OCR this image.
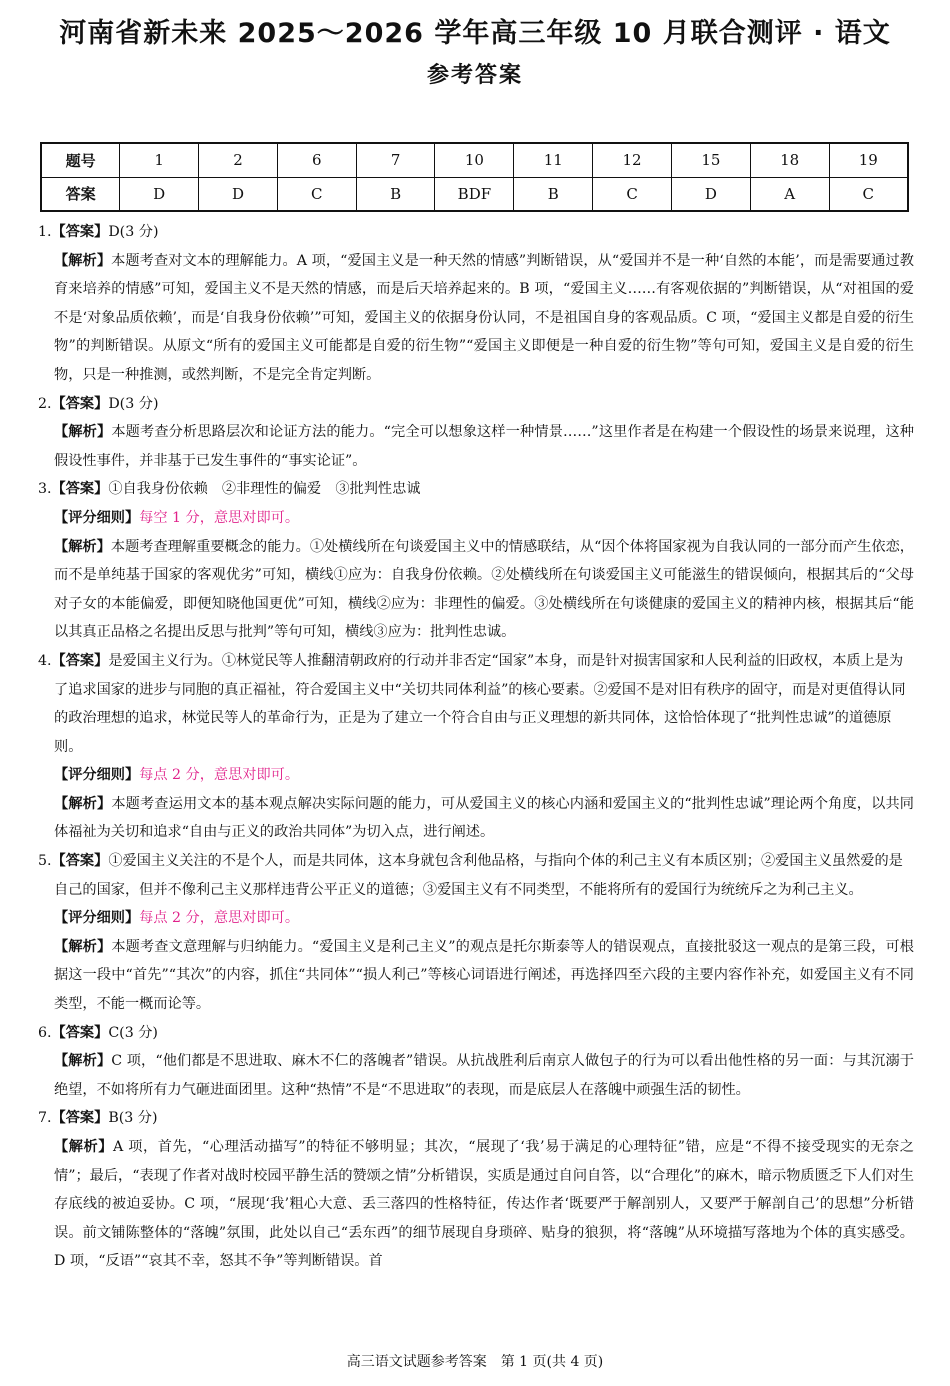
河南省新未来 2025～2026 学年高三年级 10 月联合测评 · 语文
参考答案
题号	1	2	6	7	10	11	12	15	18	19
答案	D	D	C	B	BDF	B	C	D	A	C
1.【答案】D(3 分)
【解析】本题考查对文本的理解能力。A 项，“爱国主义是一种天然的情感”判断错误，从“爱国并不是一种‘自然的本能’，而是需要通过教育来培养的情感”可知，爱国主义不是天然的情感，而是后天培养起来的。B 项，“爱国主义……有客观依据的”判断错误，从“对祖国的爱不是‘对象品质依赖’，而是‘自我身份依赖’”可知，爱国主义的依据身份认同，不是祖国自身的客观品质。C 项，“爱国主义都是自爱的衍生物”的判断错误。从原文“所有的爱国主义可能都是自爱的衍生物”“爱国主义即便是一种自爱的衍生物”等句可知，爱国主义是自爱的衍生物，只是一种推测，或然判断，不是完全肯定判断。
2.【答案】D(3 分)
【解析】本题考查分析思路层次和论证方法的能力。“完全可以想象这样一种情景……”这里作者是在构建一个假设性的场景来说理，这种假设性事件，并非基于已发生事件的“事实论证”。
3.【答案】①自我身份依赖　②非理性的偏爱　③批判性忠诚
【评分细则】每空 1 分，意思对即可。
【解析】本题考查理解重要概念的能力。①处横线所在句谈爱国主义中的情感联结，从“因个体将国家视为自我认同的一部分而产生依恋，而不是单纯基于国家的客观优劣”可知，横线①应为：自我身份依赖。②处横线所在句谈爱国主义可能滋生的错误倾向，根据其后的“父母对子女的本能偏爱，即便知晓他国更优”可知，横线②应为：非理性的偏爱。③处横线所在句谈健康的爱国主义的精神内核，根据其后“能以其真正品格之名提出反思与批判”等句可知，横线③应为：批判性忠诚。
4.【答案】是爱国主义行为。①林觉民等人推翻清朝政府的行动并非否定“国家”本身，而是针对损害国家和人民利益的旧政权，本质上是为了追求国家的进步与同胞的真正福祉，符合爱国主义中“关切共同体利益”的核心要素。②爱国不是对旧有秩序的固守，而是对更值得认同的政治理想的追求，林觉民等人的革命行为，正是为了建立一个符合自由与正义理想的新共同体，这恰恰体现了“批判性忠诚”的道德原则。
【评分细则】每点 2 分，意思对即可。
【解析】本题考查运用文本的基本观点解决实际问题的能力，可从爱国主义的核心内涵和爱国主义的“批判性忠诚”理论两个角度，以共同体福祉为关切和追求“自由与正义的政治共同体”为切入点，进行阐述。
5.【答案】①爱国主义关注的不是个人，而是共同体，这本身就包含利他品格，与指向个体的利己主义有本质区别；②爱国主义虽然爱的是自己的国家，但并不像利己主义那样违背公平正义的道德；③爱国主义有不同类型，不能将所有的爱国行为统统斥之为利己主义。
【评分细则】每点 2 分，意思对即可。
【解析】本题考查文意理解与归纳能力。“爱国主义是利己主义”的观点是托尔斯泰等人的错误观点，直接批驳这一观点的是第三段，可根据这一段中“首先”“其次”的内容，抓住“共同体”“损人利己”等核心词语进行阐述，再选择四至六段的主要内容作补充，如爱国主义有不同类型，不能一概而论等。
6.【答案】C(3 分)
【解析】C 项，“他们都是不思进取、麻木不仁的落魄者”错误。从抗战胜利后南京人做包子的行为可以看出他性格的另一面：与其沉溺于绝望，不如将所有力气砸进面团里。这种“热情”不是“不思进取”的表现，而是底层人在落魄中顽强生活的韧性。
7.【答案】B(3 分)
【解析】A 项，首先，“心理活动描写”的特征不够明显；其次，“展现了‘我’易于满足的心理特征”错，应是“不得不接受现实的无奈之情”；最后，“表现了作者对战时校园平静生活的赞颂之情”分析错误，实质是通过自问自答，以“合理化”的麻木，暗示物质匮乏下人们对生存底线的被迫妥协。C 项，“展现‘我’粗心大意、丢三落四的性格特征，传达作者‘既要严于解剖别人，又要严于解剖自己’的思想”分析错误。前文铺陈整体的“落魄”氛围，此处以自己“丢东西”的细节展现自身琐碎、贴身的狼狈，将“落魄”从环境描写落地为个体的真实感受。D 项，“反语”“哀其不幸，怒其不争”等判断错误。首
高三语文试题参考答案　第 1 页(共 4 页)
